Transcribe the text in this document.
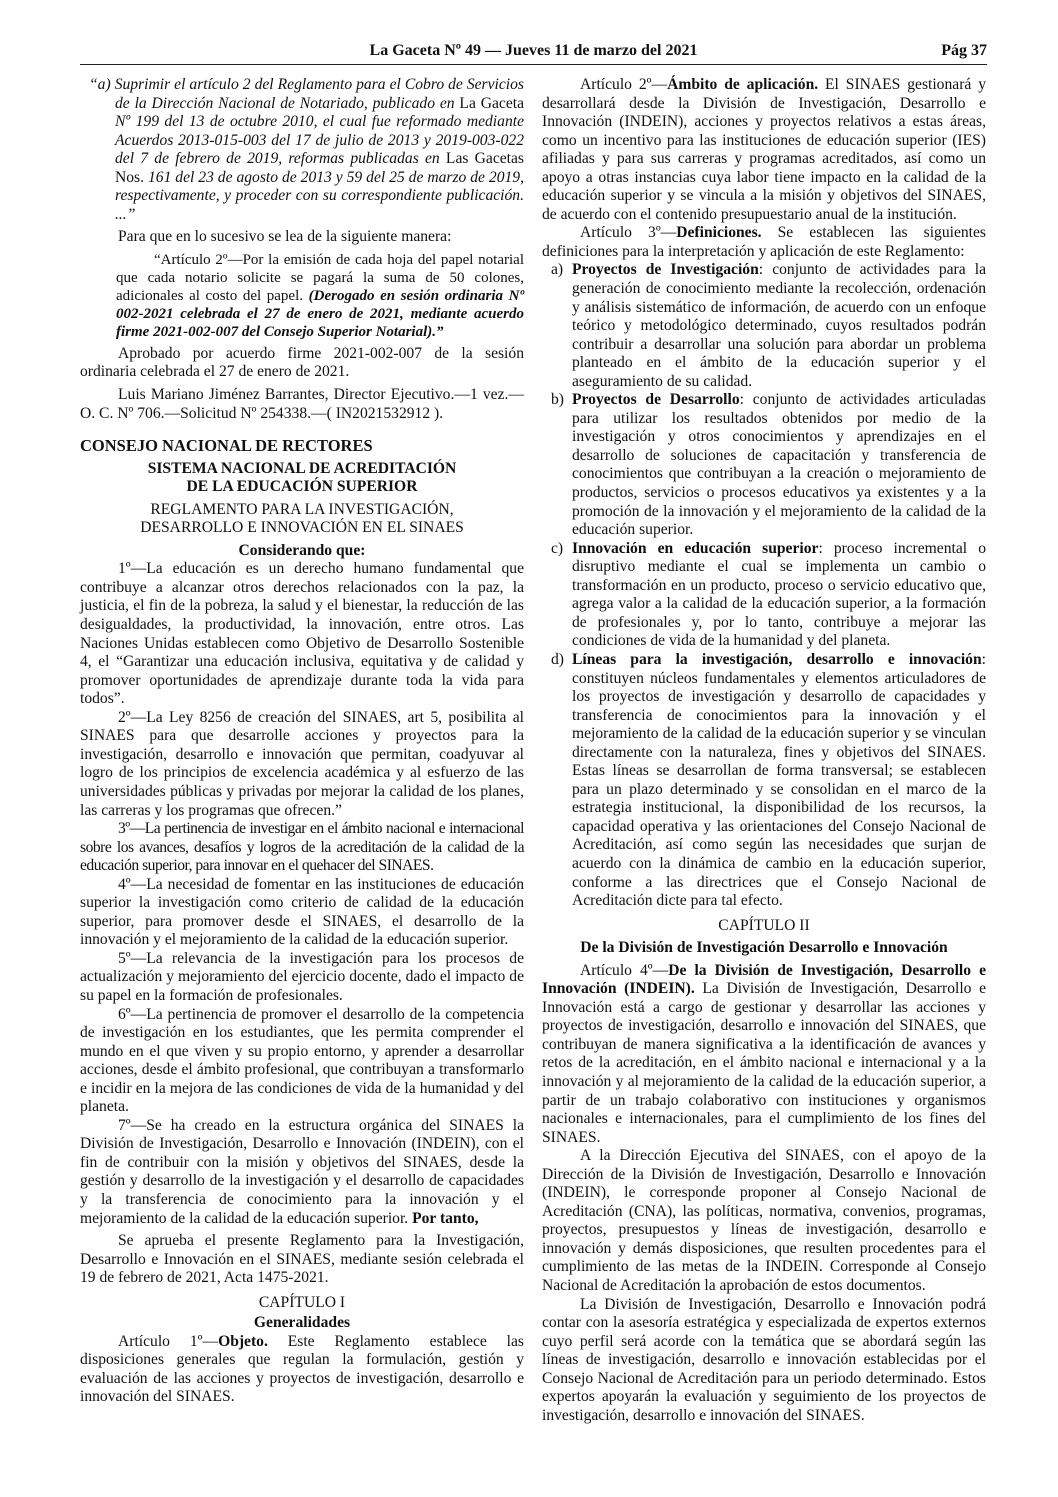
La Gaceta Nº 49 — Jueves 11 de marzo del 2021	Pág 37

“a) Suprimir el artículo 2 del Reglamento para el Cobro de Servicios de la Dirección Nacional de Notariado, publicado en La Gaceta Nº 199 del 13 de octubre 2010, el cual fue reformado mediante Acuerdos 2013-015-003 del 17 de julio de 2013 y 2019-003-022 del 7 de febrero de 2019, reformas publicadas en Las Gacetas Nos. 161 del 23 de agosto de 2013 y 59 del 25 de marzo de 2019, respectivamente, y proceder con su correspondiente publicación. ...”

Para que en lo sucesivo se lea de la siguiente manera:

“Artículo 2º—Por la emisión de cada hoja del papel notarial que cada notario solicite se pagará la suma de 50 colones, adicionales al costo del papel. (Derogado en sesión ordinaria Nº 002-2021 celebrada el 27 de enero de 2021, mediante acuerdo firme 2021-002-007 del Consejo Superior Notarial).”

Aprobado por acuerdo firme 2021-002-007 de la sesión ordinaria celebrada el 27 de enero de 2021.

Luis Mariano Jiménez Barrantes, Director Ejecutivo.—1 vez.—O. C. Nº 706.—Solicitud Nº 254338.—( IN2021532912 ).

CONSEJO NACIONAL DE RECTORES

SISTEMA NACIONAL DE ACREDITACIÓN

DE LA EDUCACIÓN SUPERIOR

REGLAMENTO PARA LA INVESTIGACIÓN,

DESARROLLO E INNOVACIÓN EN EL SINAES

Considerando que:

1º—La educación es un derecho humano fundamental que contribuye a alcanzar otros derechos relacionados con la paz, la justicia, el fin de la pobreza, la salud y el bienestar, la reducción de las desigualdades, la productividad, la innovación, entre otros. Las Naciones Unidas establecen como Objetivo de Desarrollo Sostenible 4, el “Garantizar una educación inclusiva, equitativa y de calidad y promover oportunidades de aprendizaje durante toda la vida para todos”.

2º—La Ley 8256 de creación del SINAES, art 5, posibilita al SINAES para que desarrolle acciones y proyectos para la investigación, desarrollo e innovación que permitan, coadyuvar al logro de los principios de excelencia académica y al esfuerzo de las universidades públicas y privadas por mejorar la calidad de los planes, las carreras y los programas que ofrecen.”

3º—La pertinencia de investigar en el ámbito nacional e internacional sobre los avances, desafíos y logros de la acreditación de la calidad de la educación superior, para innovar en el quehacer del SINAES.

4º—La necesidad de fomentar en las instituciones de educación superior la investigación como criterio de calidad de la educación superior, para promover desde el SINAES, el desarrollo de la innovación y el mejoramiento de la calidad de la educación superior.

5º—La relevancia de la investigación para los procesos de actualización y mejoramiento del ejercicio docente, dado el impacto de su papel en la formación de profesionales.

6º—La pertinencia de promover el desarrollo de la competencia de investigación en los estudiantes, que les permita comprender el mundo en el que viven y su propio entorno, y aprender a desarrollar acciones, desde el ámbito profesional, que contribuyan a transformarlo e incidir en la mejora de las condiciones de vida de la humanidad y del planeta.

7º—Se ha creado en la estructura orgánica del SINAES la División de Investigación, Desarrollo e Innovación (INDEIN), con el fin de contribuir con la misión y objetivos del SINAES, desde la gestión y desarrollo de la investigación y el desarrollo de capacidades y la transferencia de conocimiento para la innovación y el mejoramiento de la calidad de la educación superior. Por tanto,

Se aprueba el presente Reglamento para la Investigación, Desarrollo e Innovación en el SINAES, mediante sesión celebrada el 19 de febrero de 2021, Acta 1475-2021.

CAPÍTULO I

Generalidades

Artículo 1º—Objeto. Este Reglamento establece las disposiciones generales que regulan la formulación, gestión y evaluación de las acciones y proyectos de investigación, desarrollo e innovación del SINAES.

Artículo 2º—Ámbito de aplicación. El SINAES gestionará y desarrollará desde la División de Investigación, Desarrollo e Innovación (INDEIN), acciones y proyectos relativos a estas áreas, como un incentivo para las instituciones de educación superior (IES) afiliadas y para sus carreras y programas acreditados, así como un apoyo a otras instancias cuya labor tiene impacto en la calidad de la educación superior y se vincula a la misión y objetivos del SINAES, de acuerdo con el contenido presupuestario anual de la institución.

Artículo 3º—Definiciones. Se establecen las siguientes definiciones para la interpretación y aplicación de este Reglamento:

a) Proyectos de Investigación: conjunto de actividades para la generación de conocimiento mediante la recolección, ordenación y análisis sistemático de información, de acuerdo con un enfoque teórico y metodológico determinado, cuyos resultados podrán contribuir a desarrollar una solución para abordar un problema planteado en el ámbito de la educación superior y el aseguramiento de su calidad.
b) Proyectos de Desarrollo: conjunto de actividades articuladas para utilizar los resultados obtenidos por medio de la investigación y otros conocimientos y aprendizajes en el desarrollo de soluciones de capacitación y transferencia de conocimientos que contribuyan a la creación o mejoramiento de productos, servicios o procesos educativos ya existentes y a la promoción de la innovación y el mejoramiento de la calidad de la educación superior.
c) Innovación en educación superior: proceso incremental o disruptivo mediante el cual se implementa un cambio o transformación en un producto, proceso o servicio educativo que, agrega valor a la calidad de la educación superior, a la formación de profesionales y, por lo tanto, contribuye a mejorar las condiciones de vida de la humanidad y del planeta.
d) Líneas para la investigación, desarrollo e innovación: constituyen núcleos fundamentales y elementos articuladores de los proyectos de investigación y desarrollo de capacidades y transferencia de conocimientos para la innovación y el mejoramiento de la calidad de la educación superior y se vinculan directamente con la naturaleza, fines y objetivos del SINAES. Estas líneas se desarrollan de forma transversal; se establecen para un plazo determinado y se consolidan en el marco de la estrategia institucional, la disponibilidad de los recursos, la capacidad operativa y las orientaciones del Consejo Nacional de Acreditación, así como según las necesidades que surjan de acuerdo con la dinámica de cambio en la educación superior, conforme a las directrices que el Consejo Nacional de Acreditación dicte para tal efecto.

CAPÍTULO II

De la División de Investigación Desarrollo e Innovación

Artículo 4º—De la División de Investigación, Desarrollo e Innovación (INDEIN). La División de Investigación, Desarrollo e Innovación está a cargo de gestionar y desarrollar las acciones y proyectos de investigación, desarrollo e innovación del SINAES, que contribuyan de manera significativa a la identificación de avances y retos de la acreditación, en el ámbito nacional e internacional y a la innovación y al mejoramiento de la calidad de la educación superior, a partir de un trabajo colaborativo con instituciones y organismos nacionales e internacionales, para el cumplimiento de los fines del SINAES.

A la Dirección Ejecutiva del SINAES, con el apoyo de la Dirección de la División de Investigación, Desarrollo e Innovación (INDEIN), le corresponde proponer al Consejo Nacional de Acreditación (CNA), las políticas, normativa, convenios, programas, proyectos, presupuestos y líneas de investigación, desarrollo e innovación y demás disposiciones, que resulten procedentes para el cumplimiento de las metas de la INDEIN. Corresponde al Consejo Nacional de Acreditación la aprobación de estos documentos.

La División de Investigación, Desarrollo e Innovación podrá contar con la asesoría estratégica y especializada de expertos externos cuyo perfil será acorde con la temática que se abordará según las líneas de investigación, desarrollo e innovación establecidas por el Consejo Nacional de Acreditación para un periodo determinado. Estos expertos apoyarán la evaluación y seguimiento de los proyectos de investigación, desarrollo e innovación del SINAES.
